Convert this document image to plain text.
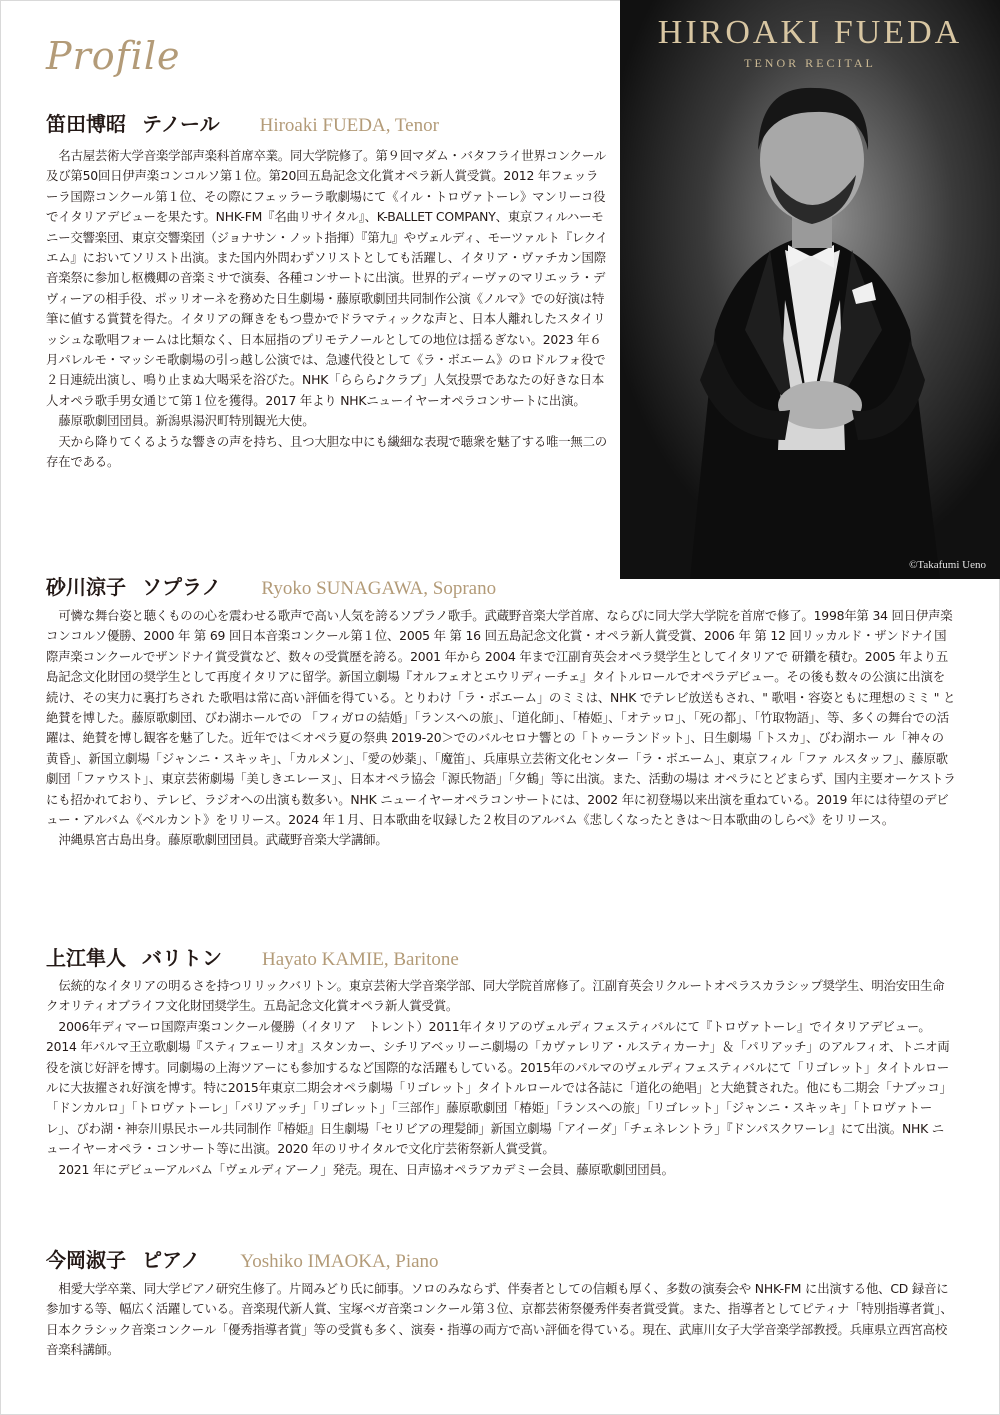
Profile
HIROAKI FUEDA
TENOR RECITAL
©Takafumi Ueno
笛田博昭 テノール Hiroaki FUEDA, Tenor

名古屋芸術大学音楽学部声楽科首席卒業。同大学院修了。第９回マダム・バタフライ世界コンクール及び第50回日伊声楽コンコルソ第１位。第20回五島記念文化賞オペラ新人賞受賞。2012 年フェッラーラ国際コンクール第１位、その際にフェッラーラ歌劇場にて《イル・トロヴァトーレ》マンリーコ役でイタリアデビューを果たす。NHK-FM『名曲リサイタル』、K-BALLET COMPANY、東京フィルハーモニー交響楽団、東京交響楽団（ジョナサン・ノット指揮）『第九』やヴェルディ、モーツァルト『レクイエム』においてソリスト出演。また国内外問わずソリストとしても活躍し、イタリア・ヴァチカン国際音楽祭に参加し枢機卿の音楽ミサで演奏、各種コンサートに出演。世界的ディーヴァのマリエッラ・デヴィーアの相手役、ポッリオーネを務めた日生劇場・藤原歌劇団共同制作公演《ノルマ》での好演は特筆に値する賞賛を得た。イタリアの輝きをもつ豊かでドラマティックな声と、日本人離れしたスタイリッシュな歌唱フォームは比類なく、日本屈指のプリモテノールとしての地位は揺るぎない。2023 年６月パレルモ・マッシモ歌劇場の引っ越し公演では、急遽代役として《ラ・ボエーム》のロドルフォ役で２日連続出演し、鳴り止まぬ大喝采を浴びた。NHK「ららら♪クラブ」人気投票であなたの好きな日本人オペラ歌手男女通じて第１位を獲得。2017 年より NHKニューイヤーオペラコンサートに出演。

藤原歌劇団団員。新潟県湯沢町特別観光大使。

天から降りてくるような響きの声を持ち、且つ大胆な中にも繊細な表現で聴衆を魅了する唯一無二の存在である。

砂川涼子 ソプラノ Ryoko SUNAGAWA, Soprano

可憐な舞台姿と聴くものの心を震わせる歌声で高い人気を誇るソプラノ歌手。武蔵野音楽大学首席、ならびに同大学大学院を首席で修了。1998年第 34 回日伊声楽コンコルソ優勝、2000 年 第 69 回日本音楽コンクール第１位、2005 年 第 16 回五島記念文化賞・オペラ新人賞受賞、2006 年 第 12 回リッカルド・ザンドナイ国際声楽コンクールでザンドナイ賞受賞など、数々の受賞歴を誇る。2001 年から 2004 年まで江副育英会オペラ奨学生としてイタリアで 研鑽を積む。2005 年より五島記念文化財団の奨学生として再度イタリアに留学。新国立劇場『オルフェオとエウリディーチェ』タイトルロールでオペラデビュー。その後も数々の公演に出演を続け、その実力に裏打ちされ た歌唱は常に高い評価を得ている。とりわけ「ラ・ボエーム」のミミは、NHK でテレビ放送もされ、" 歌唱・容姿ともに理想のミミ " と絶賛を博した。藤原歌劇団、びわ湖ホールでの 「フィガロの結婚」「ランスへの旅」、「道化師」、「椿姫」、「オテッロ」、「死の都」、「竹取物語」、等、多くの舞台での活躍は、絶賛を博し観客を魅了した。近年では＜オペラ夏の祭典 2019-20＞でのバルセロナ響との「トゥーランドット」、日生劇場「トスカ」、びわ湖ホー ル「神々の黄昏」、新国立劇場「ジャンニ・スキッキ」、「カルメン」、「愛の妙薬」、「魔笛」、兵庫県立芸術文化センター「ラ・ボエーム」、東京フィル「ファ ルスタッフ」、藤原歌劇団「ファウスト」、東京芸術劇場「美しきエレーヌ」、日本オペラ協会「源氏物語」「夕鶴」等に出演。また、活動の場は オペラにとどまらず、国内主要オーケストラにも招かれており、テレビ、ラジオへの出演も数多い。NHK ニューイヤーオペラコンサートには、2002 年に初登場以来出演を重ねている。2019 年には待望のデビュー・アルバム《ベルカント》をリリース。2024 年１月、日本歌曲を収録した２枚目のアルバム《悲しくなったときは〜日本歌曲のしらべ》をリリース。

沖縄県宮古島出身。藤原歌劇団団員。武蔵野音楽大学講師。

上江隼人 バリトン Hayato KAMIE, Baritone

伝統的なイタリアの明るさを持つリリックバリトン。東京芸術大学音楽学部、同大学院首席修了。江副育英会リクルートオペラスカラシップ奨学生、明治安田生命クオリティオブライフ文化財団奨学生。五島記念文化賞オペラ新人賞受賞。

2006年ディマーロ国際声楽コンクール優勝（イタリア　トレント）2011年イタリアのヴェルディフェスティバルにて『トロヴァトーレ』でイタリアデビュー。2014 年パルマ王立歌劇場『スティフェーリオ』スタンカー、シチリアベッリーニ劇場の「カヴァレリア・ルスティカーナ」＆「パリアッチ」のアルフィオ、トニオ両役を演じ好評を博す。同劇場の上海ツアーにも参加するなど国際的な活躍もしている。2015年のパルマのヴェルディフェスティバルにて「リゴレット」タイトルロールに大抜擢され好演を博す。特に2015年東京二期会オペラ劇場「リゴレット」タイトルロールでは各誌に「道化の絶唱」と大絶賛された。他にも二期会「ナブッコ」「ドンカルロ」「トロヴァトーレ」「パリアッチ」「リゴレット」「三部作」藤原歌劇団「椿姫」「ランスへの旅」「リゴレット」「ジャンニ・スキッキ」「トロヴァトーレ」、びわ湖・神奈川県民ホール共同制作『椿姫』日生劇場「セリビアの理髪師」新国立劇場「アイーダ」「チェネレントラ」『ドンパスクワーレ』にて出演。NHK ニューイヤーオペラ・コンサート等に出演。2020 年のリサイタルで文化庁芸術祭新人賞受賞。

2021 年にデビューアルバム「ヴェルディアーノ」発売。現在、日声協オペラアカデミー会員、藤原歌劇団団員。

今岡淑子 ピアノ Yoshiko IMAOKA, Piano

相愛大学卒業、同大学ピアノ研究生修了。片岡みどり氏に師事。ソロのみならず、伴奏者としての信頼も厚く、多数の演奏会や NHK-FM に出演する他、CD 録音に参加する等、幅広く活躍している。音楽現代新人賞、宝塚ベガ音楽コンクール第３位、京都芸術祭優秀伴奏者賞受賞。また、指導者としてピティナ「特別指導者賞」、日本クラシック音楽コンクール「優秀指導者賞」等の受賞も多く、演奏・指導の両方で高い評価を得ている。現在、武庫川女子大学音楽学部教授。兵庫県立西宮高校音楽科講師。
